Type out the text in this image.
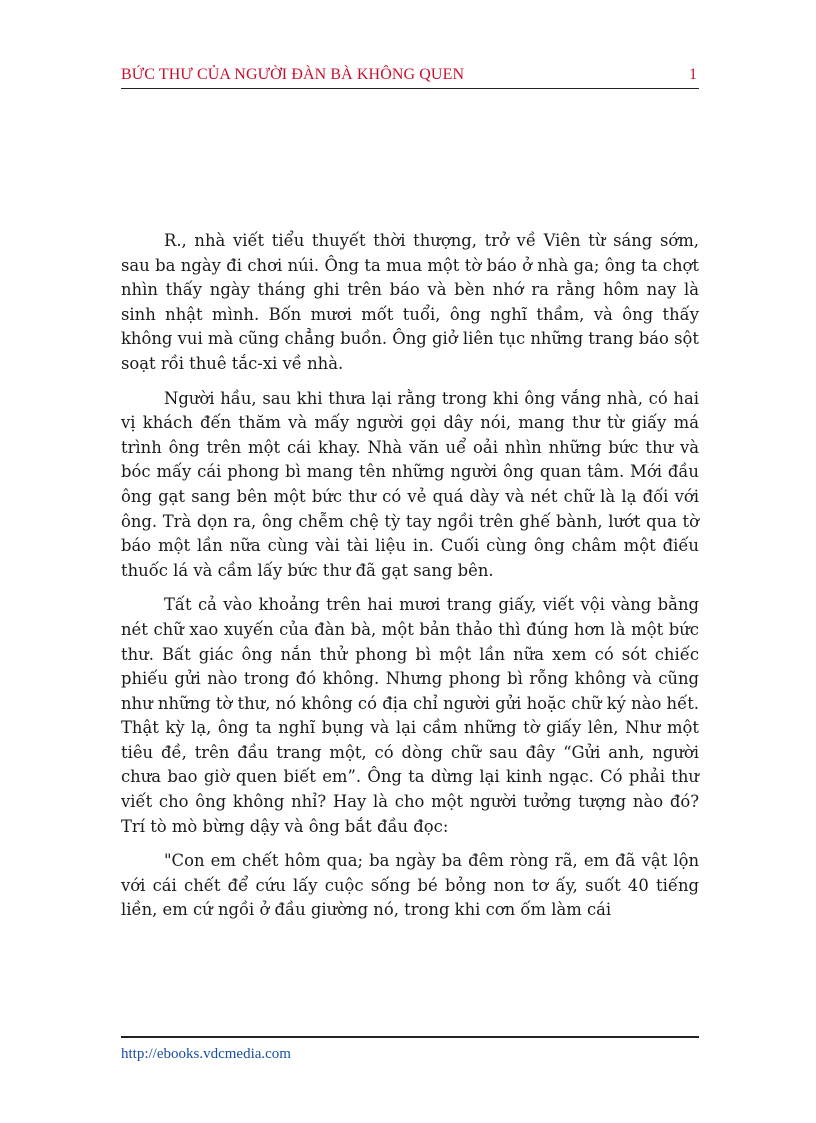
BỨC THƯ CỦA NGƯỜI ĐÀN BÀ KHÔNG QUEN	1

R., nhà viết tiểu thuyết thời thượng, trở về Viên từ sáng sớm, sau ba ngày đi chơi núi. Ông ta mua một tờ báo ở nhà ga; ông ta chợt nhìn thấy ngày tháng ghi trên báo và bèn nhớ ra rằng hôm nay là sinh nhật mình. Bốn mươi mốt tuổi, ông nghĩ thầm, và ông thấy không vui mà cũng chẳng buồn. Ông giở liên tục những trang báo sột soạt rồi thuê tắc-xi về nhà.

Người hầu, sau khi thưa lại rằng trong khi ông vắng nhà, có hai vị khách đến thăm và mấy người gọi dây nói, mang thư từ giấy má trình ông trên một cái khay. Nhà văn uể oải nhìn những bức thư và bóc mấy cái phong bì mang tên những người ông quan tâm. Mới đầu ông gạt sang bên một bức thư có vẻ quá dày và nét chữ là lạ đối với ông. Trà dọn ra, ông chễm chệ tỳ tay ngồi trên ghế bành, lướt qua tờ báo một lần nữa cùng vài tài liệu in. Cuối cùng ông châm một điếu thuốc lá và cầm lấy bức thư đã gạt sang bên.

Tất cả vào khoảng trên hai mươi trang giấy, viết vội vàng bằng nét chữ xao xuyến của đàn bà, một bản thảo thì đúng hơn là một bức thư. Bất giác ông nắn thử phong bì một lần nữa xem có sót chiếc phiếu gửi nào trong đó không. Nhưng phong bì rỗng không và cũng như những tờ thư, nó không có địa chỉ người gửi hoặc chữ ký nào hết. Thật kỳ lạ, ông ta nghĩ bụng và lại cầm những tờ giấy lên, Như một tiêu đề, trên đầu trang một, có dòng chữ sau đây “Gửi anh, người chưa bao giờ quen biết em”. Ông ta dừng lại kinh ngạc. Có phải thư viết cho ông không nhỉ? Hay là cho một người tưởng tượng nào đó? Trí tò mò bừng dậy và ông bắt đầu đọc:

"Con em chết hôm qua; ba ngày ba đêm ròng rã, em đã vật lộn với cái chết để cứu lấy cuộc sống bé bỏng non tơ ấy, suốt 40 tiếng liền, em cứ ngồi ở đầu giường nó, trong khi cơn ốm làm cái

http://ebooks.vdcmedia.com
